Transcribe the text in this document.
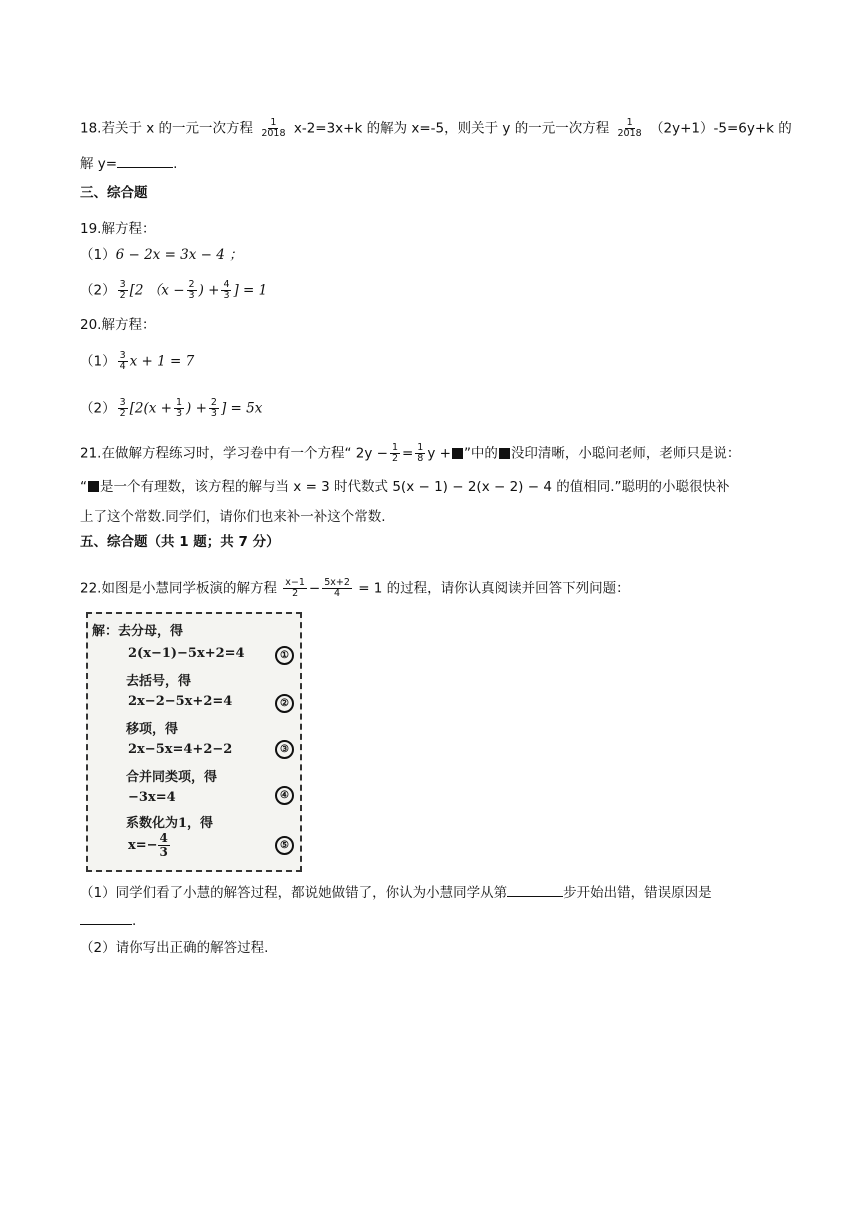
18.若关于 x 的一元一次方程 $\frac{1}{2018} x-2=3x+k$ 的解为 x=-5，则关于 y 的一元一次方程 $\frac{1}{2018} (2y+1)-5=6y+k$ 的
解 y=	.
三、综合题
19.解方程：
（1）6 − 2x = 3x − 4 ；
$(2) \frac{3}{2} [2$ （$x - \frac{2}{3}$ ) + $\frac{4}{3}$ ] = 1
20.解方程：
$(1) \frac{3}{4}$ x + 1 = 7
$(2) \frac{3}{2} [2(x + \frac{1}{3}$ ) + $\frac{2}{3}$ ] = 5x
21.在做解方程练习时，学习卷中有一个方程“ $2y - \frac{1}{2} = \frac{1}{8}$ y + ”中的 没印清晰，小聪问老师，老师只是说：
“ 是一个有理数，该方程的解与当 x = 3 时代数式 5(x − 1) − 2(x − 2) − 4 的值相同.”聪明的小聪很快补
上了这个常数.同学们，请你们也来补一补这个常数.
五、综合题（共 1 题；共 7 分）
22.如图是小慧同学板演的解方程 $\frac{x-1}{2} - \frac{5x+2}{4} = 1$ 的过程，请你认真阅读并回答下列问题：
解：去分母，得
2(x−1)−5x+2=4	①
去括号，得
2x−2−5x+2=4	②
移项，得
2x−5x=4+2−2	③
合并同类项，得
−3x=4	④
系数化为1，得
$x=- \frac{4}{3}$	⑤
（1）同学们看了小慧的解答过程，都说她做错了，你认为小慧同学从第	步开始出错，错误原因是
.
（2）请你写出正确的解答过程.
